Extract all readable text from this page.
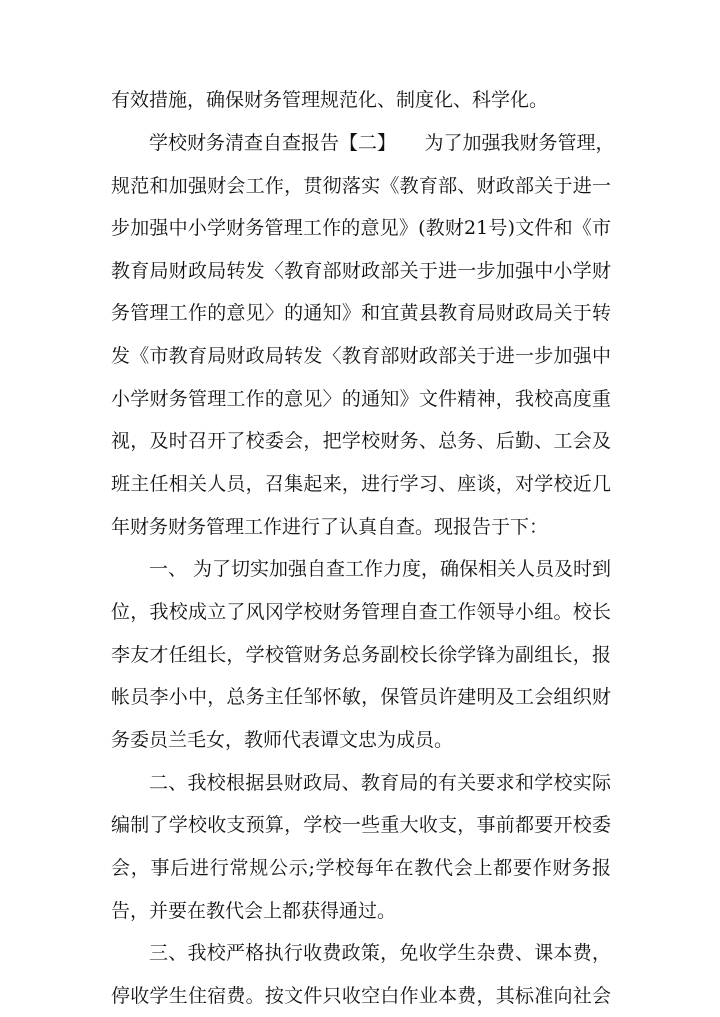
有效措施，确保财务管理规范化、制度化、科学化。
学校财务清查自查报告【二】　　为了加强我财务管理，
规范和加强财会工作，贯彻落实《教育部、财政部关于进一
步加强中小学财务管理工作的意见》(教财21号)文件和《市
教育局财政局转发〈教育部财政部关于进一步加强中小学财
务管理工作的意见〉的通知》和宜黄县教育局财政局关于转
发《市教育局财政局转发〈教育部财政部关于进一步加强中
小学财务管理工作的意见〉的通知》文件精神，我校高度重
视，及时召开了校委会，把学校财务、总务、后勤、工会及
班主任相关人员，召集起来，进行学习、座谈，对学校近几
年财务财务管理工作进行了认真自查。现报告于下：
一、 为了切实加强自查工作力度，确保相关人员及时到
位，我校成立了风冈学校财务管理自查工作领导小组。校长
李友才任组长，学校管财务总务副校长徐学锋为副组长，报
帐员李小中，总务主任邹怀敏，保管员许建明及工会组织财
务委员兰毛女，教师代表谭文忠为成员。
二、我校根据县财政局、教育局的有关要求和学校实际
编制了学校收支预算，学校一些重大收支，事前都要开校委
会，事后进行常规公示;学校每年在教代会上都要作财务报
告，并要在教代会上都获得通过。
三、我校严格执行收费政策，免收学生杂费、课本费，
停收学生住宿费。按文件只收空白作业本费，其标准向社会
